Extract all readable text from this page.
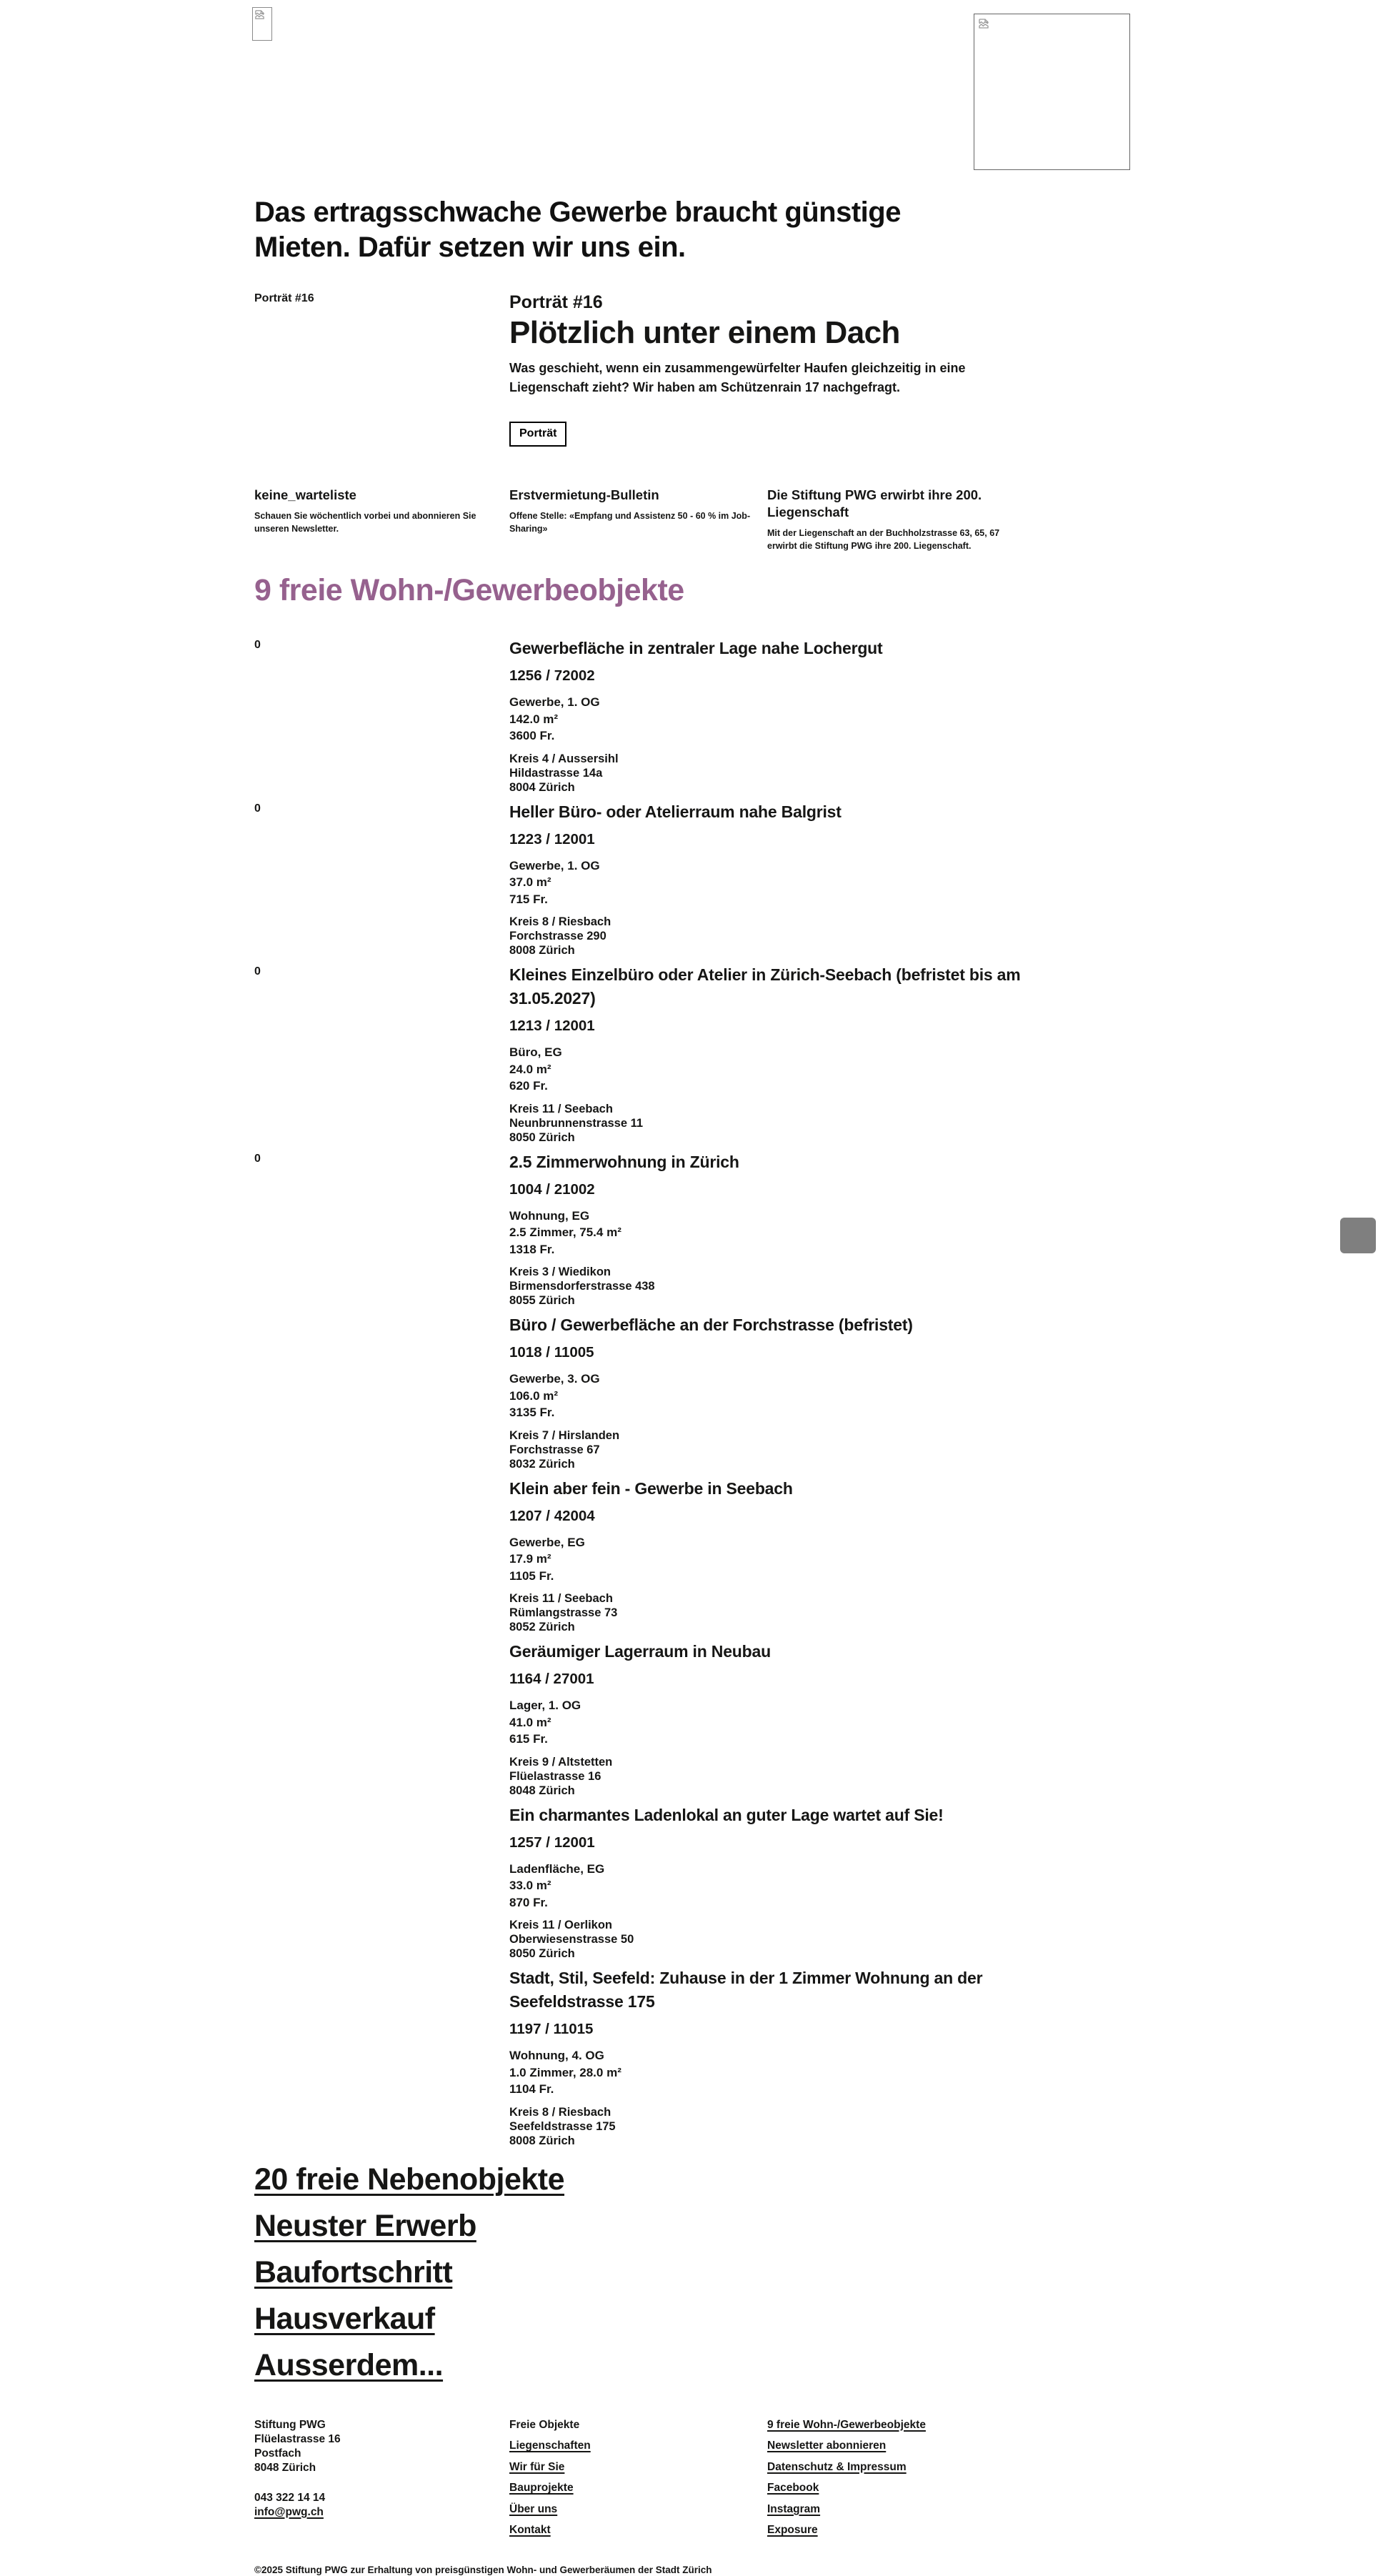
Das ertragsschwache Gewerbe braucht günstige Mieten. Dafür setzen wir uns ein.
Porträt #16	Porträt #16
Plötzlich unter einem Dach

Was geschieht, wenn ein zusammengewürfelter Haufen gleichzeitig in eine Liegenschaft zieht? Wir haben am Schützenrain 17 nachgefragt.

Porträt
keine_warteliste

Schauen Sie wöchentlich vorbei und abonnieren Sie unseren Newsletter.

Erstvermietung-Bulletin

Offene Stelle: «Empfang und Assistenz 50 - 60 % im Job-Sharing»

Die Stiftung PWG erwirbt ihre 200. Liegenschaft

Mit der Liegenschaft an der Buchholzstrasse 63, 65, 67 erwirbt die Stiftung PWG ihre 200. Liegenschaft.

9 freie Wohn-/Gewerbeobjekte
0	Gewerbefläche in zentraler Lage nahe Lochergut
1256 / 72002
Gewerbe, 1. OG
142.0 m²
3600 Fr.
Kreis 4 / Aussersihl
Hildastrasse 14a
8004 Zürich
0	Heller Büro- oder Atelierraum nahe Balgrist
1223 / 12001
Gewerbe, 1. OG
37.0 m²
715 Fr.
Kreis 8 / Riesbach
Forchstrasse 290
8008 Zürich
0	Kleines Einzelbüro oder Atelier in Zürich-Seebach (befristet bis am 31.05.2027)
1213 / 12001
Büro, EG
24.0 m²
620 Fr.
Kreis 11 / Seebach
Neunbrunnenstrasse 11
8050 Zürich
0	2.5 Zimmerwohnung in Zürich
1004 / 21002
Wohnung, EG
2.5 Zimmer, 75.4 m²
1318 Fr.
Kreis 3 / Wiedikon
Birmensdorferstrasse 438
8055 Zürich
Büro / Gewerbefläche an der Forchstrasse (befristet)
1018 / 11005
Gewerbe, 3. OG
106.0 m²
3135 Fr.
Kreis 7 / Hirslanden
Forchstrasse 67
8032 Zürich
Klein aber fein - Gewerbe in Seebach
1207 / 42004
Gewerbe, EG
17.9 m²
1105 Fr.
Kreis 11 / Seebach
Rümlangstrasse 73
8052 Zürich
Geräumiger Lagerraum in Neubau
1164 / 27001
Lager, 1. OG
41.0 m²
615 Fr.
Kreis 9 / Altstetten
Flüelastrasse 16
8048 Zürich
Ein charmantes Ladenlokal an guter Lage wartet auf Sie!
1257 / 12001
Ladenfläche, EG
33.0 m²
870 Fr.
Kreis 11 / Oerlikon
Oberwiesenstrasse 50
8050 Zürich
Stadt, Stil, Seefeld: Zuhause in der 1 Zimmer Wohnung an der Seefeldstrasse 175
1197 / 11015
Wohnung, 4. OG
1.0 Zimmer, 28.0 m²
1104 Fr.
Kreis 8 / Riesbach
Seefeldstrasse 175
8008 Zürich
20 freie Nebenobjekte
Neuster Erwerb
Baufortschritt
Hausverkauf
Ausserdem...
Stiftung PWG
Flüelastrasse 16
Postfach
8048 Zürich
043 322 14 14
info@pwg.ch
Freie Objekte
Liegenschaften
Wir für Sie
Bauprojekte
Über uns
Kontakt
9 freie Wohn-/Gewerbeobjekte
Newsletter abonnieren
Datenschutz & Impressum
Facebook
Instagram
Exposure
©2025 Stiftung PWG zur Erhaltung von preisgünstigen Wohn- und Gewerberäumen der Stadt Zürich
